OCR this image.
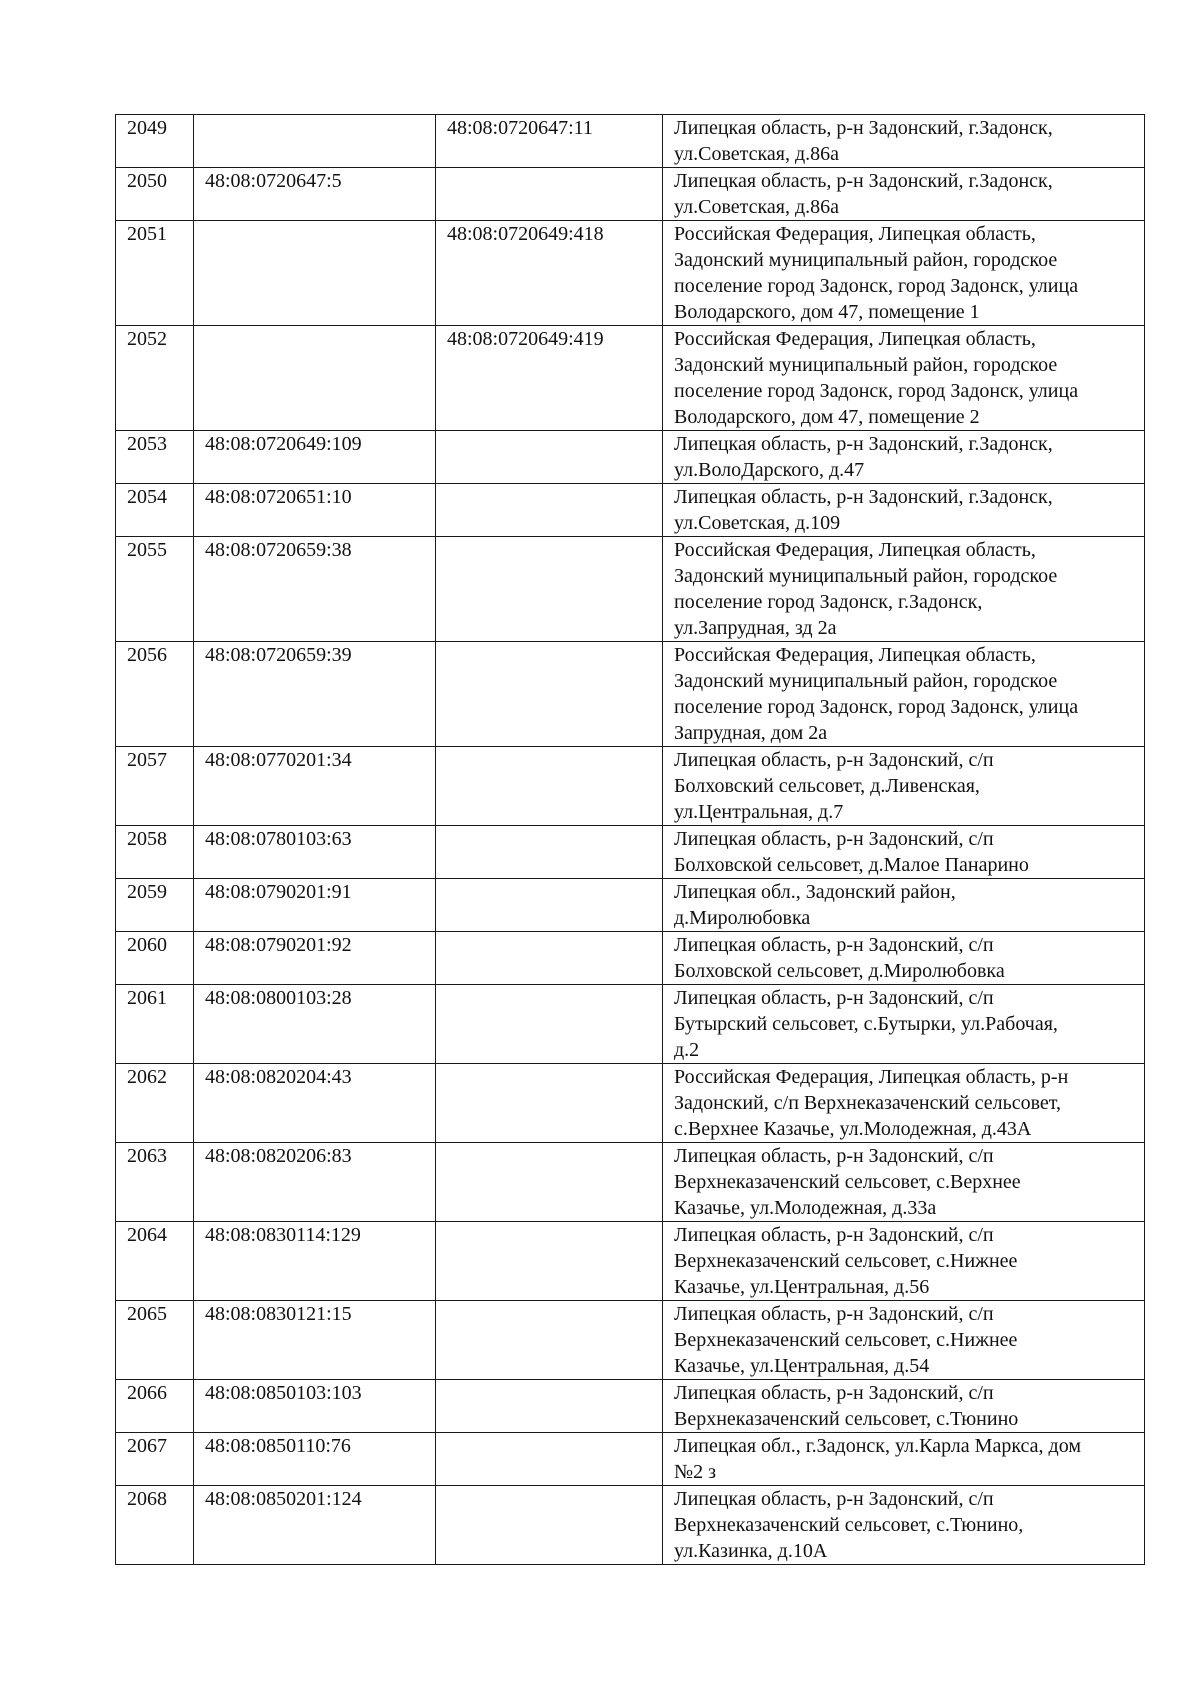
2049		48:08:0720647:11	Липецкая область, р-н Задонский, г.Задонск,
ул.Советская, д.86а
2050	48:08:0720647:5		Липецкая область, р-н Задонский, г.Задонск,
ул.Советская, д.86а
2051		48:08:0720649:418	Российская Федерация, Липецкая область,
Задонский муниципальный район, городское
поселение город Задонск, город Задонск, улица
Володарского, дом 47, помещение 1
2052		48:08:0720649:419	Российская Федерация, Липецкая область,
Задонский муниципальный район, городское
поселение город Задонск, город Задонск, улица
Володарского, дом 47, помещение 2
2053	48:08:0720649:109		Липецкая область, р-н Задонский, г.Задонск,
ул.ВолоДарского, д.47
2054	48:08:0720651:10		Липецкая область, р-н Задонский, г.Задонск,
ул.Советская, д.109
2055	48:08:0720659:38		Российская Федерация, Липецкая область,
Задонский муниципальный район, городское
поселение город Задонск, г.Задонск,
ул.Запрудная, зд 2а
2056	48:08:0720659:39		Российская Федерация, Липецкая область,
Задонский муниципальный район, городское
поселение город Задонск, город Задонск, улица
Запрудная, дом 2а
2057	48:08:0770201:34		Липецкая область, р-н Задонский, с/п
Болховский сельсовет, д.Ливенская,
ул.Центральная, д.7
2058	48:08:0780103:63		Липецкая область, р-н Задонский, с/п
Болховской сельсовет, д.Малое Панарино
2059	48:08:0790201:91		Липецкая обл., Задонский район,
д.Миролюбовка
2060	48:08:0790201:92		Липецкая область, р-н Задонский, с/п
Болховской сельсовет, д.Миролюбовка
2061	48:08:0800103:28		Липецкая область, р-н Задонский, с/п
Бутырский сельсовет, с.Бутырки, ул.Рабочая,
д.2
2062	48:08:0820204:43		Российская Федерация, Липецкая область, р-н
Задонский, с/п Верхнеказаченский сельсовет,
с.Верхнее Казачье, ул.Молодежная, д.43А
2063	48:08:0820206:83		Липецкая область, р-н Задонский, с/п
Верхнеказаченский сельсовет, с.Верхнее
Казачье, ул.Молодежная, д.33а
2064	48:08:0830114:129		Липецкая область, р-н Задонский, с/п
Верхнеказаченский сельсовет, с.Нижнее
Казачье, ул.Центральная, д.56
2065	48:08:0830121:15		Липецкая область, р-н Задонский, с/п
Верхнеказаченский сельсовет, с.Нижнее
Казачье, ул.Центральная, д.54
2066	48:08:0850103:103		Липецкая область, р-н Задонский, с/п
Верхнеказаченский сельсовет, с.Тюнино
2067	48:08:0850110:76		Липецкая обл., г.Задонск, ул.Карла Маркса, дом
№2 з
2068	48:08:0850201:124		Липецкая область, р-н Задонский, с/п
Верхнеказаченский сельсовет, с.Тюнино,
ул.Казинка, д.10А
